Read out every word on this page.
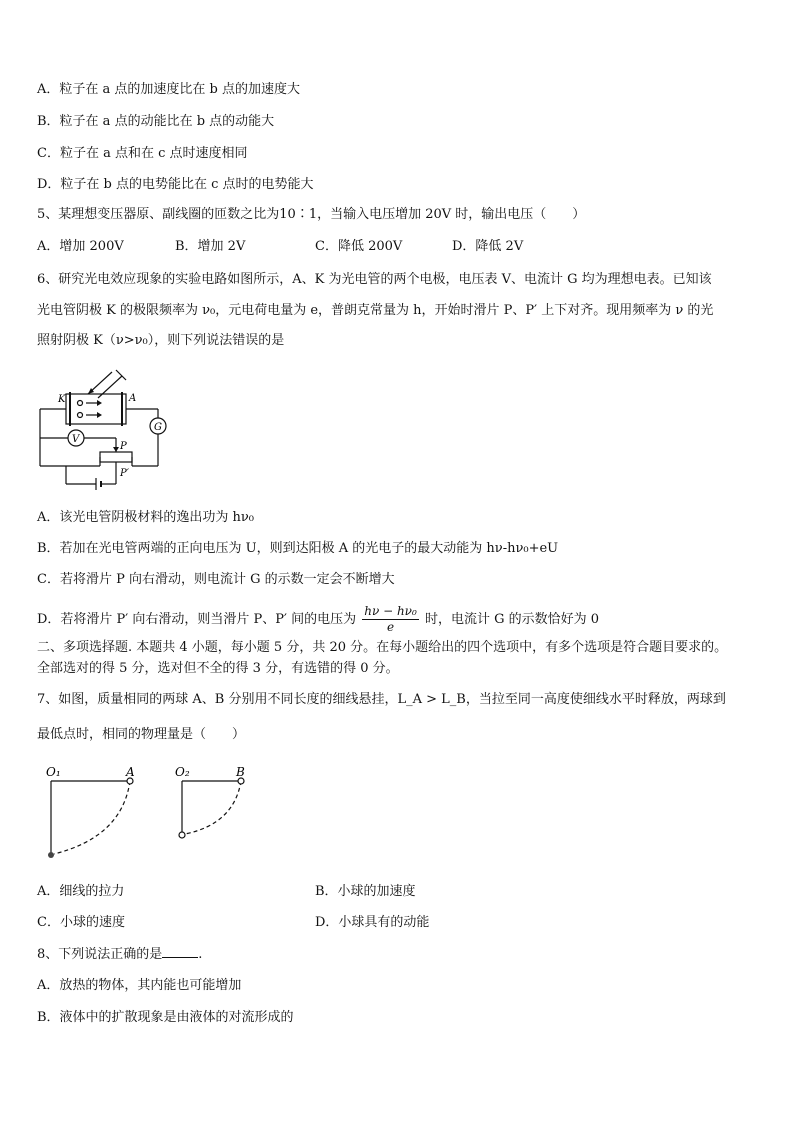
A．粒子在 a 点的加速度比在 b 点的加速度大
B．粒子在 a 点的动能比在 b 点的动能大
C．粒子在 a 点和在 c 点时速度相同
D．粒子在 b 点的电势能比在 c 点时的电势能大
5、某理想变压器原、副线圈的匝数之比为10∶1，当输入电压增加 20V 时，输出电压（　　）
A．增加 200V	B．增加 2V	C．降低 200V	D．降低 2V
6、研究光电效应现象的实验电路如图所示，A、K 为光电管的两个电极，电压表 V、电流计 G 均为理想电表。已知该
光电管阴极 K 的极限频率为 ν₀，元电荷电量为 e，普朗克常量为 h，开始时滑片 P、P′ 上下对齐。现用频率为 ν 的光
照射阴极 K（ν>ν₀），则下列说法错误的是
K	A
V
G
P
P′
A．该光电管阴极材料的逸出功为 hν₀
B．若加在光电管两端的正向电压为 U，则到达阳极 A 的光电子的最大动能为 hν-hν₀+eU
C．若将滑片 P 向右滑动，则电流计 G 的示数一定会不断增大
D．若将滑片 P′ 向右滑动，则当滑片 P、P′ 间的电压为 $\frac{\text{hν − hν₀}}{e}$ 时，电流计 G 的示数恰好为 0
二、多项选择题. 本题共 4 小题，每小题 5 分，共 20 分。在每小题给出的四个选项中，有多个选项是符合题目要求的。
全部选对的得 5 分，选对但不全的得 3 分，有选错的得 0 分。
7、如图，质量相同的两球 A、B 分别用不同长度的细线悬挂，L_A > L_B，当拉至同一高度使细线水平时释放，两球到
最低点时，相同的物理量是（　　）
O₁	A	O₂	B
A．细线的拉力	B．小球的加速度
C．小球的速度	D．小球具有的动能
8、下列说法正确的是	.
A．放热的物体，其内能也可能增加
B．液体中的扩散现象是由液体的对流形成的
